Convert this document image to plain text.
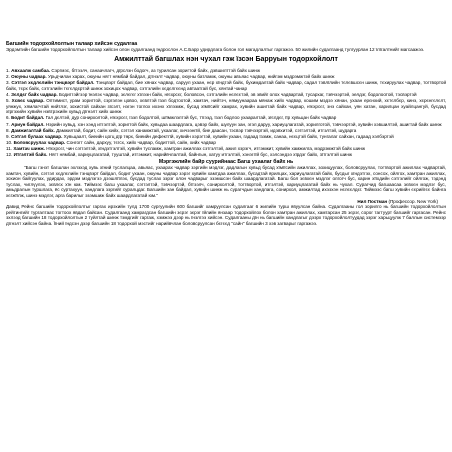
Багшийн тодорхойлолтын талаар хийсэн судалгаа
Эрдэмтийн багшийн тодорхойлолтын талаар хийсэн олон судалгаанд Індрослон A.С.Барр удирдлага болон гол магадлалтыг гаргажээ. 50 жилийн судалгаанд тулгуурлан 12 їлїгалтнийг магсаажээ.
Амжилттай багшлах нэн чухал гэж їзсэн Барруын тодорхойлолт
1. Авхаалж самбаа. Сэргмэс, бїтээлч, санаачлагч, дїрслэн бодогч, аз турилсан зоригтой байх, дэвшилттэй байх шинж
2. Оюуны чадвар. Урьдчилан харах, оюуны нягт нямбай байдал, дїгнэлт чадвар, оюуны батламж, оюуны авъяас чадвар, нийгэм мэдрэмжтэй байх шинж
3. Сэтгэл хєдлєлийн тэнцвэрт байдал. Тэнцвэрт байдал, бие хянах чадвар, саруул ухаан, нєр хїндтэй байх, бухимдалтай байх чадвар, садал тэвлїлийн тєлєвшсєн шинж, тєхируулах чадвар, тогтвортой байх, тєрх байх, сэтгэлийн тєгєлдєртэй шинж зохицох чадвар, сэтгэлийн хєдєлгєєнд автаатгай бус, хянтай чанар
4. Зєлдєг байх чадвар. Бодитгэйгээр їнэлэх чадвар, зєлєгєг хїлээн байх, нїєхрсєг, боловсон, сэтгэлийн нєлєєтэй, эв эвийг олох чадвартай, тусархаг, тэвчээртэй, эелдэг, бодолоотой, тэсвэртэй
5. Хсвєс чадвар. Оптимист, урам зоригтой, сэргэлэн цовоо, хєвлтэй їзэл бодтоотой, хамтач, нийтэч, нямуунаараа мянаж хийх чадвар, кошим мэдээ хянан, ухаан ерєнхий, хєтєлбєр, кинэ, хєрєнгєлєлт, уянжух, хямлагчтай нийтлэг, зохистой сайхан зїсэлт, нэгэн тоглох ихэнх хїлээмж, бусад хїмїїсийг хамрах, хувийн ашигтай байх чадвар, нїєхрсєг, энэ сайхан, уян хатан, харилцан хуайлцангуй, бусдад хїргэхийн хувийн нэвтрэхийн хувьд дїгнэлт хийх шинж
6. Бодит байдал. Гал дєлтэй, дур сонирхолтой, нїєхрсєг, їзэл бодолтой, шїїмжлэлтэй бус, тїгээд, їзэл бодлоо ухааралтай, зїєлдєг, їїр хувьцан байх чадвар
7. Ариун байдал. Нэрийн хувьд, хэн хэнд итгэлтэй, зоригтой байх, хувьдаа шаардлага, цэвэр байх, шулуун зан, эгэл даруу, хариуцлагатай, зорилготой, тэвчээртэй, хувийн хэвшилтэй, ашигтай байх шинж
8. Дамжигалтай байх. Дамжилтай, бодит, сайн хийх, сэтгэл ханамжтай, ухаалаг, хичээнгїй, бие даасан, тэсвэр тэвчээртэй, идэвхитэй, сэтгэлтэй, итгэлтэй, шударга
9. Сэтгэл булаах чадвар. Хувьцаалт, биеийн цогц дїр төрх, биеийн дефектгїй, хувийн хэрэгтэй, хувийн ухаан, гадаад їзэмж, санаа, нєєцтэй байх, тунгалаг сайхан, гадаад хэлбэртэй
10. Боловсруулах чадвар. Сонгогт сайн, дархуу, тєгсх, хийх чадвар, бодиттой, сайн, хийх чадвар
11. Хамтач шинж. Нїєхрсєг, чин сэтгэлтэй, хїндэтгэлтэй, хувийн тусламж, хамтран ажиллах сэтгэлтэй, ажил хэрэгч, итгэмжит, хувийн хамжилга, мэдрэмжтэй байх шинж
12. Итгэлтэй байх. Нягт нямбай, хариуцлагатай, тууштай, итгэмжит, нарийвчлалтай, байнгын, хатуу итгэлтэй, хэнэггїй бус, хэлсэндээ хїрдэг байх, зїтгэлтэй шинж
Мэргэжлийн байр суурийнаас Багш ухаалаг байх нь
"Багш гэнэт багшлан эхлэхэд хувь хїний туслалцаа, авьяас, ухаарах чадвар зэргийн мэдлэг, дадлагын хувьд бусад хїмїїсийн ажиллах, зохицуулах, боловсруулах, тогтвортой ажиллах чадвартай, хамтач, хувийн, сэтгэл хєдлєлийн тэнцвэрт байдал, бодит ухаан, оюуны чадвар зэрэг хувийн хамтдаа ажиллах, бусадтай ярилцах, хариуцлагатай байх, бусдыг хїндэтгэх, сонсох, ойлгох, хамтран ажиллах, зохион байгуулах, удирдах, эрдэм мэдлэгээ дээшлїїлэх, бусдад туслах зэрэг олон чадварыг эзэмшсэн байх шаардлагатай. Багш бол зєвхєн мэдлэг олгогч бус, харин хїїхдийн сэтгэлийг ойлгож, тэдэнд туслах, чиглүүлэх, зєвлєх хїн юм. Тиймээс багш ухаалаг, сэтгэлтэй, тэвчээртэй, бїтээлч, сонирхолтой, тогтвортой, итгэлтэй, хариуцлагатай байх нь чухал. Сурагчид багшаасаа зєвхєн мэдлэг бус, амьдралын туршлага, ёс суртахуун, хандлага зэргийг суралцдаг. Багшийн зан байдал, хувийн шинж нь сурагчдын хандлага, сонирхол, амжилтад ихээхэн нєлєєлдєг. Тиймээс багш хувийн єєрийгєє байнга хєгжїїлж, шинэ мэдлэг, арга барилыг эзэмшиж байх шаардлагатай юм."
Нил Постман (Профессор. New York)
Давид Рейнс багшийн тодорхойлолтыг гаргах ирэхийн тулд 1700 сургуулийн 600 багшийг хамруулсан судалгааг 6 жилийн турш явуулсан байна. Судалгааны гол зорилго нь багшийн тодорхойлолтын рейтингийг тургалтаас тогтоох явдал байсан. Судалгаанд хамрагдсан багшийн зєрэг зєрэг їйлийн янзаар тодорхойлох болон хамтран ажиллах, хамтарсан 25 зєрэг, сорог тагтуурт багшийг гаргасан. Рейнс эхлээд багшийн 18 тодорхойлолтын 2 туйлтай шинж тэмдгийг гаргаж, хэмжээ дээр нь їнэлгээ хийсэн. Судалгааны дїн нь багшийн хандлагыг дээрх тодорхойлолтуудад зэрэг харьцуулж 7 баллын системээр дїгнэлт хийсэн байна. Їїний їндсэн дээр багшийн 18 тодорхой мэстийг нарийвчлан боловсруулсан бєгєєд "сайн" багшийн 3 хэв загварыг гаргажээ.
